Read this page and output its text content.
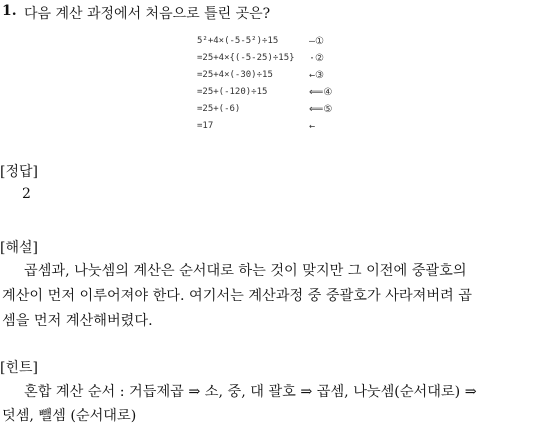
1. 다음 계산 과정에서 처음으로 틀린 곳은?
5²+4×(-5-5²)÷15	—①
=25+4×{(-5-25)÷15} ·②
=25+4×(-30)÷15	←③
=25+(-120)÷15	⟸④
=25+(-6)	⟸⑤
=17	←
[정답]
2
[해설]
곱셈과, 나눗셈의 계산은 순서대로 하는 것이 맞지만 그 이전에 중괄호의
계산이 먼저 이루어져야 한다. 여기서는 계산과정 중 중괄호가 사라져버려 곱
셈을 먼저 계산해버렸다.
[힌트]
혼합 계산 순서 : 거듭제곱 ⇒ 소, 중, 대 괄호 ⇒ 곱셈, 나눗셈(순서대로) ⇒
덧셈, 뺄셈 (순서대로)
